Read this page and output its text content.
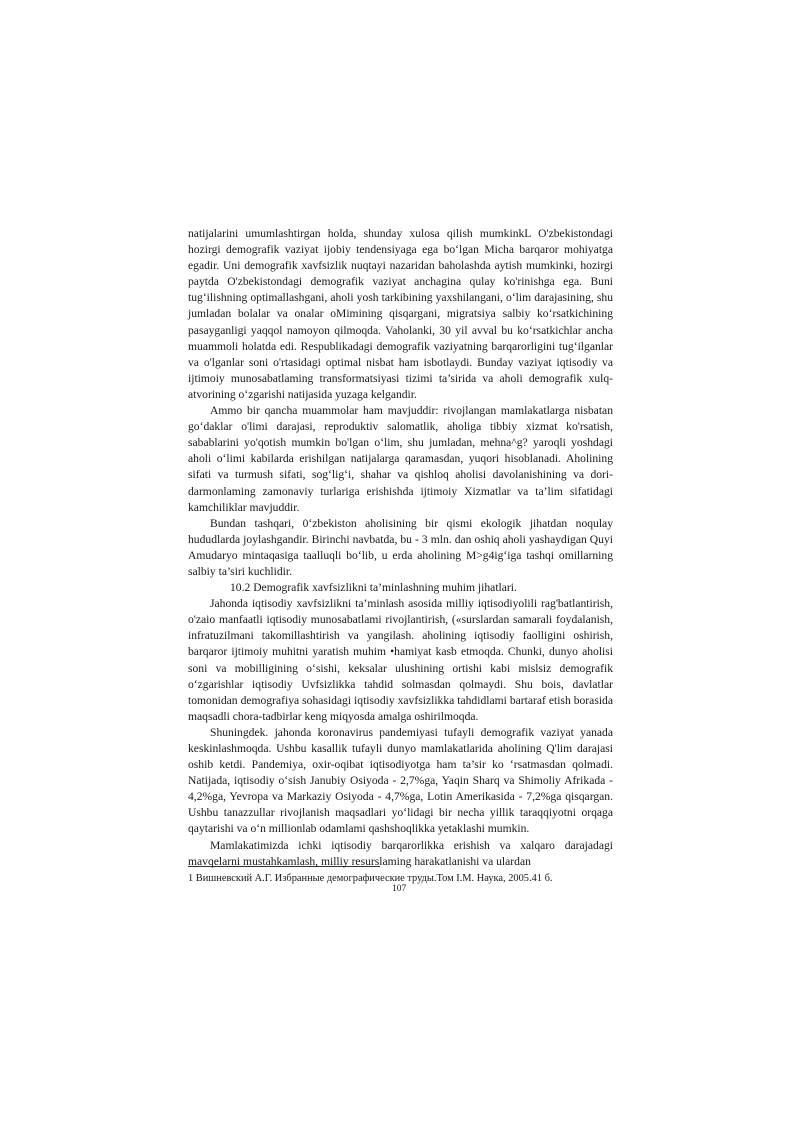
natijalarini umumlashtirgan holda, shunday xulosa qilish mumkinkL O'zbekistondagi hozirgi demografik vaziyat ijobiy tendensiyaga ega bo‘lgan Micha barqaror mohiyatga egadir. Uni demografik xavfsizlik nuqtayi nazaridan baholashda aytish mumkinki, hozirgi paytda O'zbekistondagi demografik vaziyat anchagina qulay ko'rinishga ega. Buni tug‘ilishning optimallashgani, aholi yosh tarkibining yaxshilangani, o‘lim darajasining, shu jumladan bolalar va onalar oMimining qisqargani, migratsiya salbiy ko‘rsatkichining pasayganligi yaqqol namoyon qilmoqda. Vaholanki, 30 yil avval bu ko‘rsatkichlar ancha muammoli holatda edi. Respublikadagi demografik vaziyatning barqarorligini tug‘ilganlar va o'lganlar soni o'rtasidagi optimal nisbat ham isbotlaydi. Bunday vaziyat iqtisodiy va ijtimoiy munosabatlaming transformatsiyasi tizimi ta’sirida va aholi demografik xulq-atvorining o‘zgarishi natijasida yuzaga kelgandir.

Ammo bir qancha muammolar ham mavjuddir: rivojlangan mamlakatlarga nisbatan go‘daklar o'limi darajasi, reproduktiv salomatlik, aholiga tibbiy xizmat ko'rsatish, sabablarini yo'qotish mumkin bo'lgan o‘lim, shu jumladan, mehna^g? yaroqli yoshdagi aholi o‘limi kabilarda erishilgan natijalarga qaramasdan, yuqori hisoblanadi. Aholining sifati va turmush sifati, sog‘lig‘i, shahar va qishloq aholisi davolanishining va dori-darmonlaming zamonaviy turlariga erishishda ijtimoiy Xizmatlar va ta’lim sifatidagi kamchiliklar mavjuddir.

Bundan tashqari, 0‘zbekiston aholisining bir qismi ekologik jihatdan noqulay hududlarda joylashgandir. Birinchi navbatda, bu - 3 mln. dan oshiq aholi yashaydigan Quyi Amudaryo mintaqasiga taalluqli bo‘lib, u erda aholining M>g4ig‘iga tashqi omillarning salbiy ta’siri kuchlidir.

10.2 Demografik xavfsizlikni ta’minlashning muhim jihatlari.

Jahonda iqtisodiy xavfsizlikni ta’minlash asosida milliy iqtisodiyolili rag'batlantirish, o'zaio manfaatli iqtisodiy munosabatlami rivojlantirish, («surslardan samarali foydalanish, infratuzilmani takomillashtirish va yangilash. aholining iqtisodiy faolligini oshirish, barqaror ijtimoiy muhitni yaratish muhim •hamiyat kasb etmoqda. Chunki, dunyo aholisi soni va mobilligining o‘sishi, keksalar ulushining ortishi kabi mislsiz demografik o‘zgarishlar iqtisodiy Uvfsizlikka tahdid solmasdan qolmaydi. Shu bois, davlatlar tomonidan demografiya sohasidagi iqtisodiy xavfsizlikka tahdidlami bartaraf etish borasida maqsadli chora-tadbirlar keng miqyosda amalga oshirilmoqda.

Shuningdek. jahonda koronavirus pandemiyasi tufayli demografik vaziyat yanada keskinlashmoqda. Ushbu kasallik tufayli dunyo mamlakatlarida aholining Q'lim darajasi oshib ketdi. Pandemiya, oxir-oqibat iqtisodiyotga ham ta’sir ko ‘rsatmasdan qolmadi. Natijada, iqtisodiy o‘sish Janubiy Osiyoda - 2,7%ga, Yaqin Sharq va Shimoliy Afrikada - 4,2%ga, Yevropa va Markaziy Osiyoda - 4,7%ga, Lotin Amerikasida - 7,2%ga qisqargan. Ushbu tanazzullar rivojlanish maqsadlari yo‘lidagi bir necha yillik taraqqiyotni orqaga qaytarishi va o‘n millionlab odamlami qashshoqlikka yetaklashi mumkin.

Mamlakatimizda ichki iqtisodiy barqarorlikka erishish va xalqaro darajadagi mavqelarni mustahkamlash, milliy resurslaming harakatlanishi va ulardan

1 Вишневский А.Г. Избранные демографические труды.Том I.M. Наука, 2005.41 б.

107
